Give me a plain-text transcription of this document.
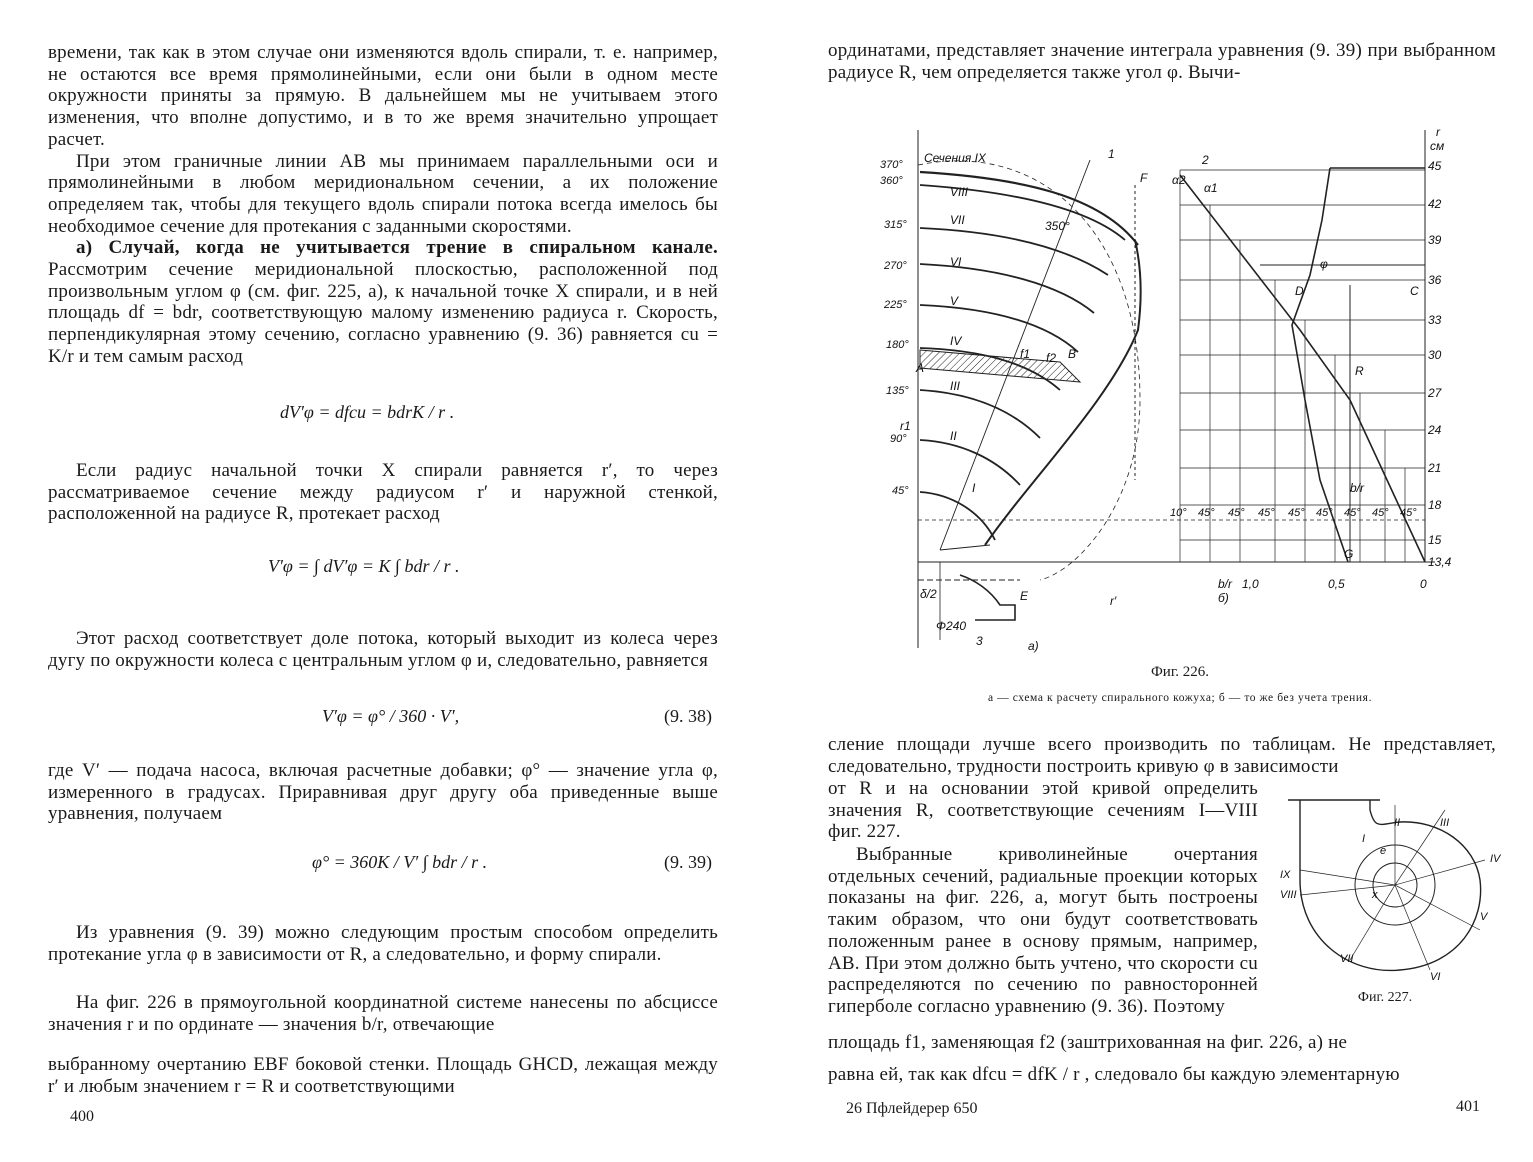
времени, так как в этом случае они изменяются вдоль спирали, т. е. например, не остаются все время прямолинейными, если они были в одном месте окружности приняты за прямую. В дальнейшем мы не учитываем этого изменения, что вполне допустимо, и в то же время значительно упрощает расчет.

При этом граничные линии AB мы принимаем параллельными оси и прямолинейными в любом меридиональном сечении, а их положение определяем так, чтобы для текущего вдоль спирали потока всегда имелось бы необходимое сечение для протекания с заданными скоростями.

а) Случай, когда не учитывается трение в спиральном канале. Рассмотрим сечение меридиональной плоскостью, расположенной под произвольным углом φ (см. фиг. 225, a), к начальной точке X спирали, и в ней площадь df = bdr, соответствующую малому изменению радиуса r. Скорость, перпендикулярная этому сечению, согласно уравнению (9. 36) равняется cu = K/r и тем самым расход

dV′φ = dfcu = bdrK / r .
Если радиус начальной точки X спирали равняется r′, то через рассматриваемое сечение между радиусом r′ и наружной стенкой, расположенной на радиусе R, протекает расход
V′φ = ∫ dV′φ = K ∫ bdr / r .
Этот расход соответствует доле потока, который выходит из колеса через дугу по окружности колеса с центральным углом φ и, следовательно, равняется
V′φ = φ° / 360 · V′,	(9. 38)
где V′ — подача насоса, включая расчетные добавки; φ° — значение угла φ, измеренного в градусах. Приравнивая друг другу оба приведенные выше уравнения, получаем
φ° = 360K / V′ ∫ bdr / r .	(9. 39)
Из уравнения (9. 39) можно следующим простым способом определить протекание угла φ в зависимости от R, а следовательно, и форму спирали.
На фиг. 226 в прямоугольной координатной системе нанесены по абсциссе значения r и по ординате — значения b/r, отвечающие
выбранному очертанию EBF боковой стенки. Площадь GHCD, лежащая между r′ и любым значением r = R и соответствующими
400
ординатами, представляет значение интеграла уравнения (9. 39) при выбранном радиусе R, чем определяется также угол φ. Вычи-
370°
360°
315°
270°
225°
180°
135°
90°
45°
Сечения IX
VIII
VII
VI
V
IV
III
II
I
r
см
45
42
39
36
33
30
27
24
21
18
15
13,4
b/r 1,0	0,5	0
10° 45° 45° 45° 45° 45° 45° 45° 45°
A
B
C
D
E
F
G
R
φ
f1 f2
r1
r′
δ/2
Φ240
1	2
3	а)
б)
α1
α2
350°
b/r
Фиг. 226.
а — схема к расчету спирального кожуха; б — то же без учета трения.
сление площади лучше всего производить по таблицам. Не представляет, следовательно, трудности построить кривую φ в зависимости
от R и на основании этой кривой определить значения R, соответствующие сечениям I—VIII фиг. 227.
Выбранные криволинейные очертания отдельных сечений, радиальные проекции которых показаны на фиг. 226, a, могут быть построены таким образом, что они будут соответствовать положенным ранее в основу прямым, например, AB. При этом должно быть учтено, что скорости cu распределяются по сечению по равносторонней гиперболе согласно уравнению (9. 36). Поэтому
I
II	III
IV
V
VI
VII
VIII
IX
e
x
Фиг. 227.
площадь f1, заменяющая f2 (заштрихованная на фиг. 226, a) не
равна ей, так как dfcu = dfK / r , следовало бы каждую элементарную
26 Пфлейдерер 650	401
